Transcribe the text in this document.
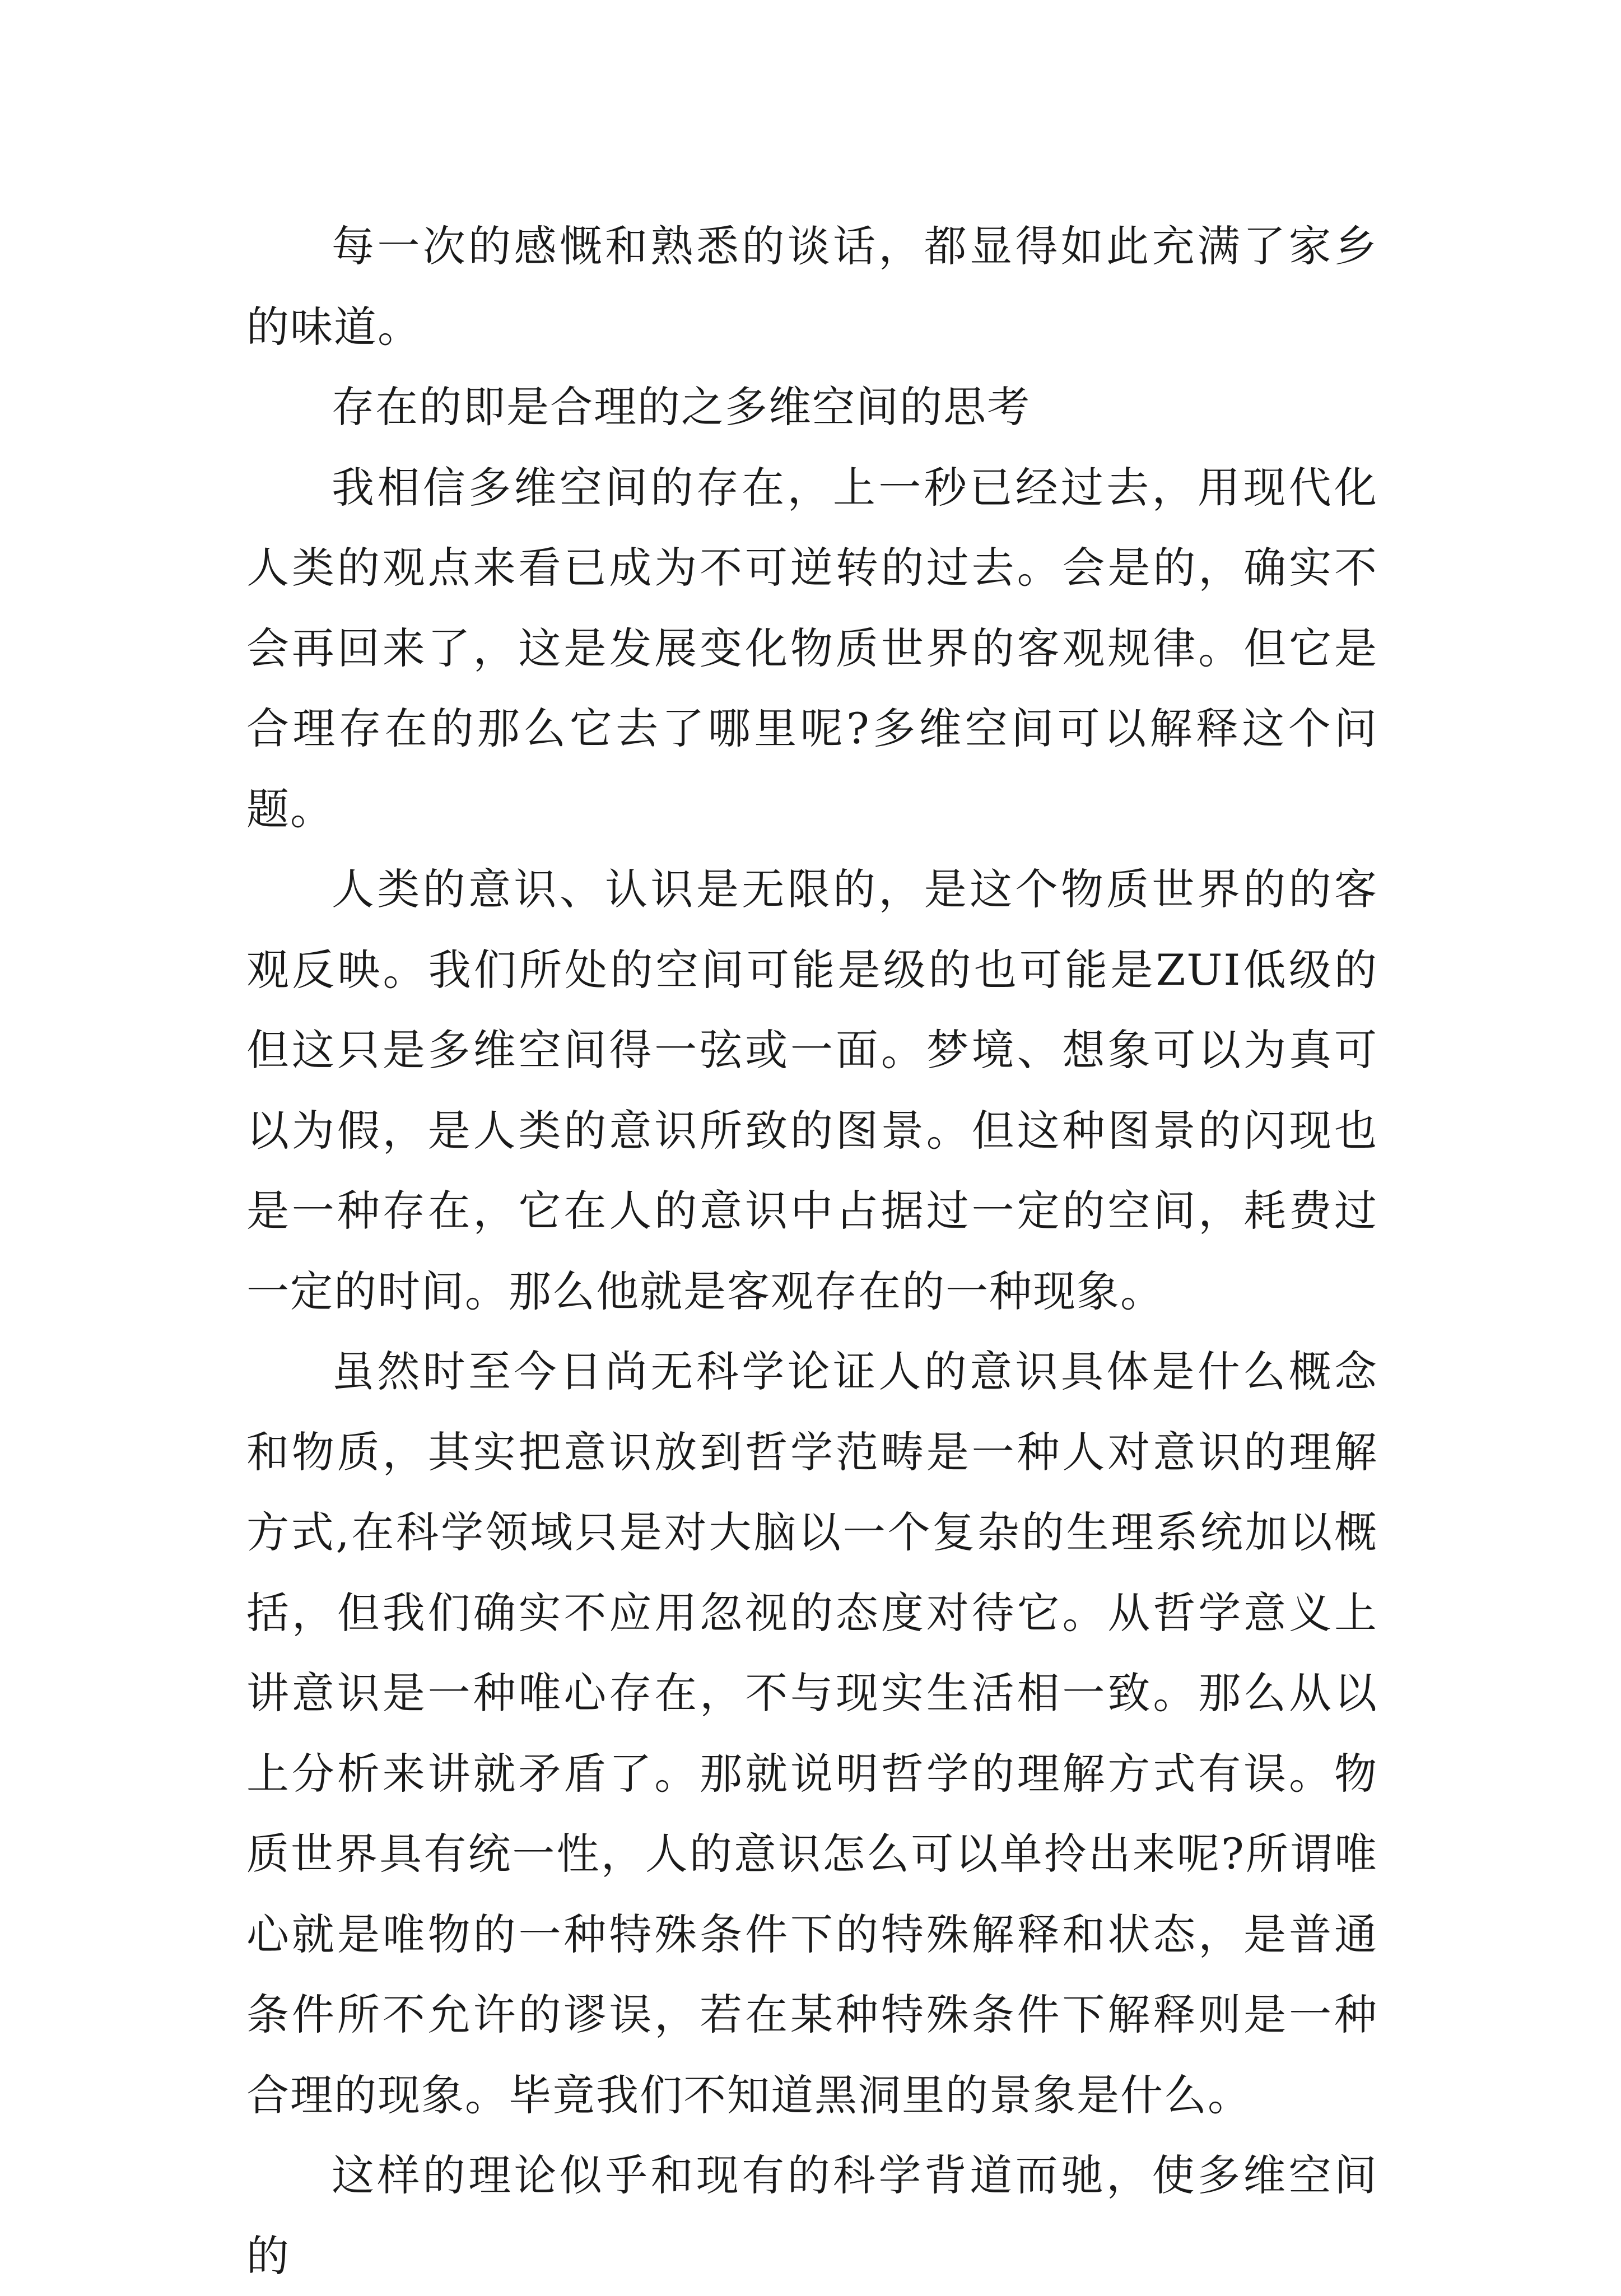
每一次的感慨和熟悉的谈话，都显得如此充满了家乡的味道。

存在的即是合理的之多维空间的思考

我相信多维空间的存在，上一秒已经过去，用现代化人类的观点来看已成为不可逆转的过去。会是的，确实不会再回来了，这是发展变化物质世界的客观规律。但它是合理存在的那么它去了哪里呢?多维空间可以解释这个问题。

人类的意识、认识是无限的，是这个物质世界的的客观反映。我们所处的空间可能是级的也可能是ZUI低级的但这只是多维空间得一弦或一面。梦境、想象可以为真可以为假，是人类的意识所致的图景。但这种图景的闪现也是一种存在，它在人的意识中占据过一定的空间，耗费过一定的时间。那么他就是客观存在的一种现象。

虽然时至今日尚无科学论证人的意识具体是什么概念和物质，其实把意识放到哲学范畴是一种人对意识的理解方式,在科学领域只是对大脑以一个复杂的生理系统加以概括，但我们确实不应用忽视的态度对待它。从哲学意义上讲意识是一种唯心存在，不与现实生活相一致。那么从以上分析来讲就矛盾了。那就说明哲学的理解方式有误。物质世界具有统一性，人的意识怎么可以单拎出来呢?所谓唯心就是唯物的一种特殊条件下的特殊解释和状态，是普通条件所不允许的谬误，若在某种特殊条件下解释则是一种合理的现象。毕竟我们不知道黑洞里的景象是什么。

这样的理论似乎和现有的科学背道而驰，使多维空间的
